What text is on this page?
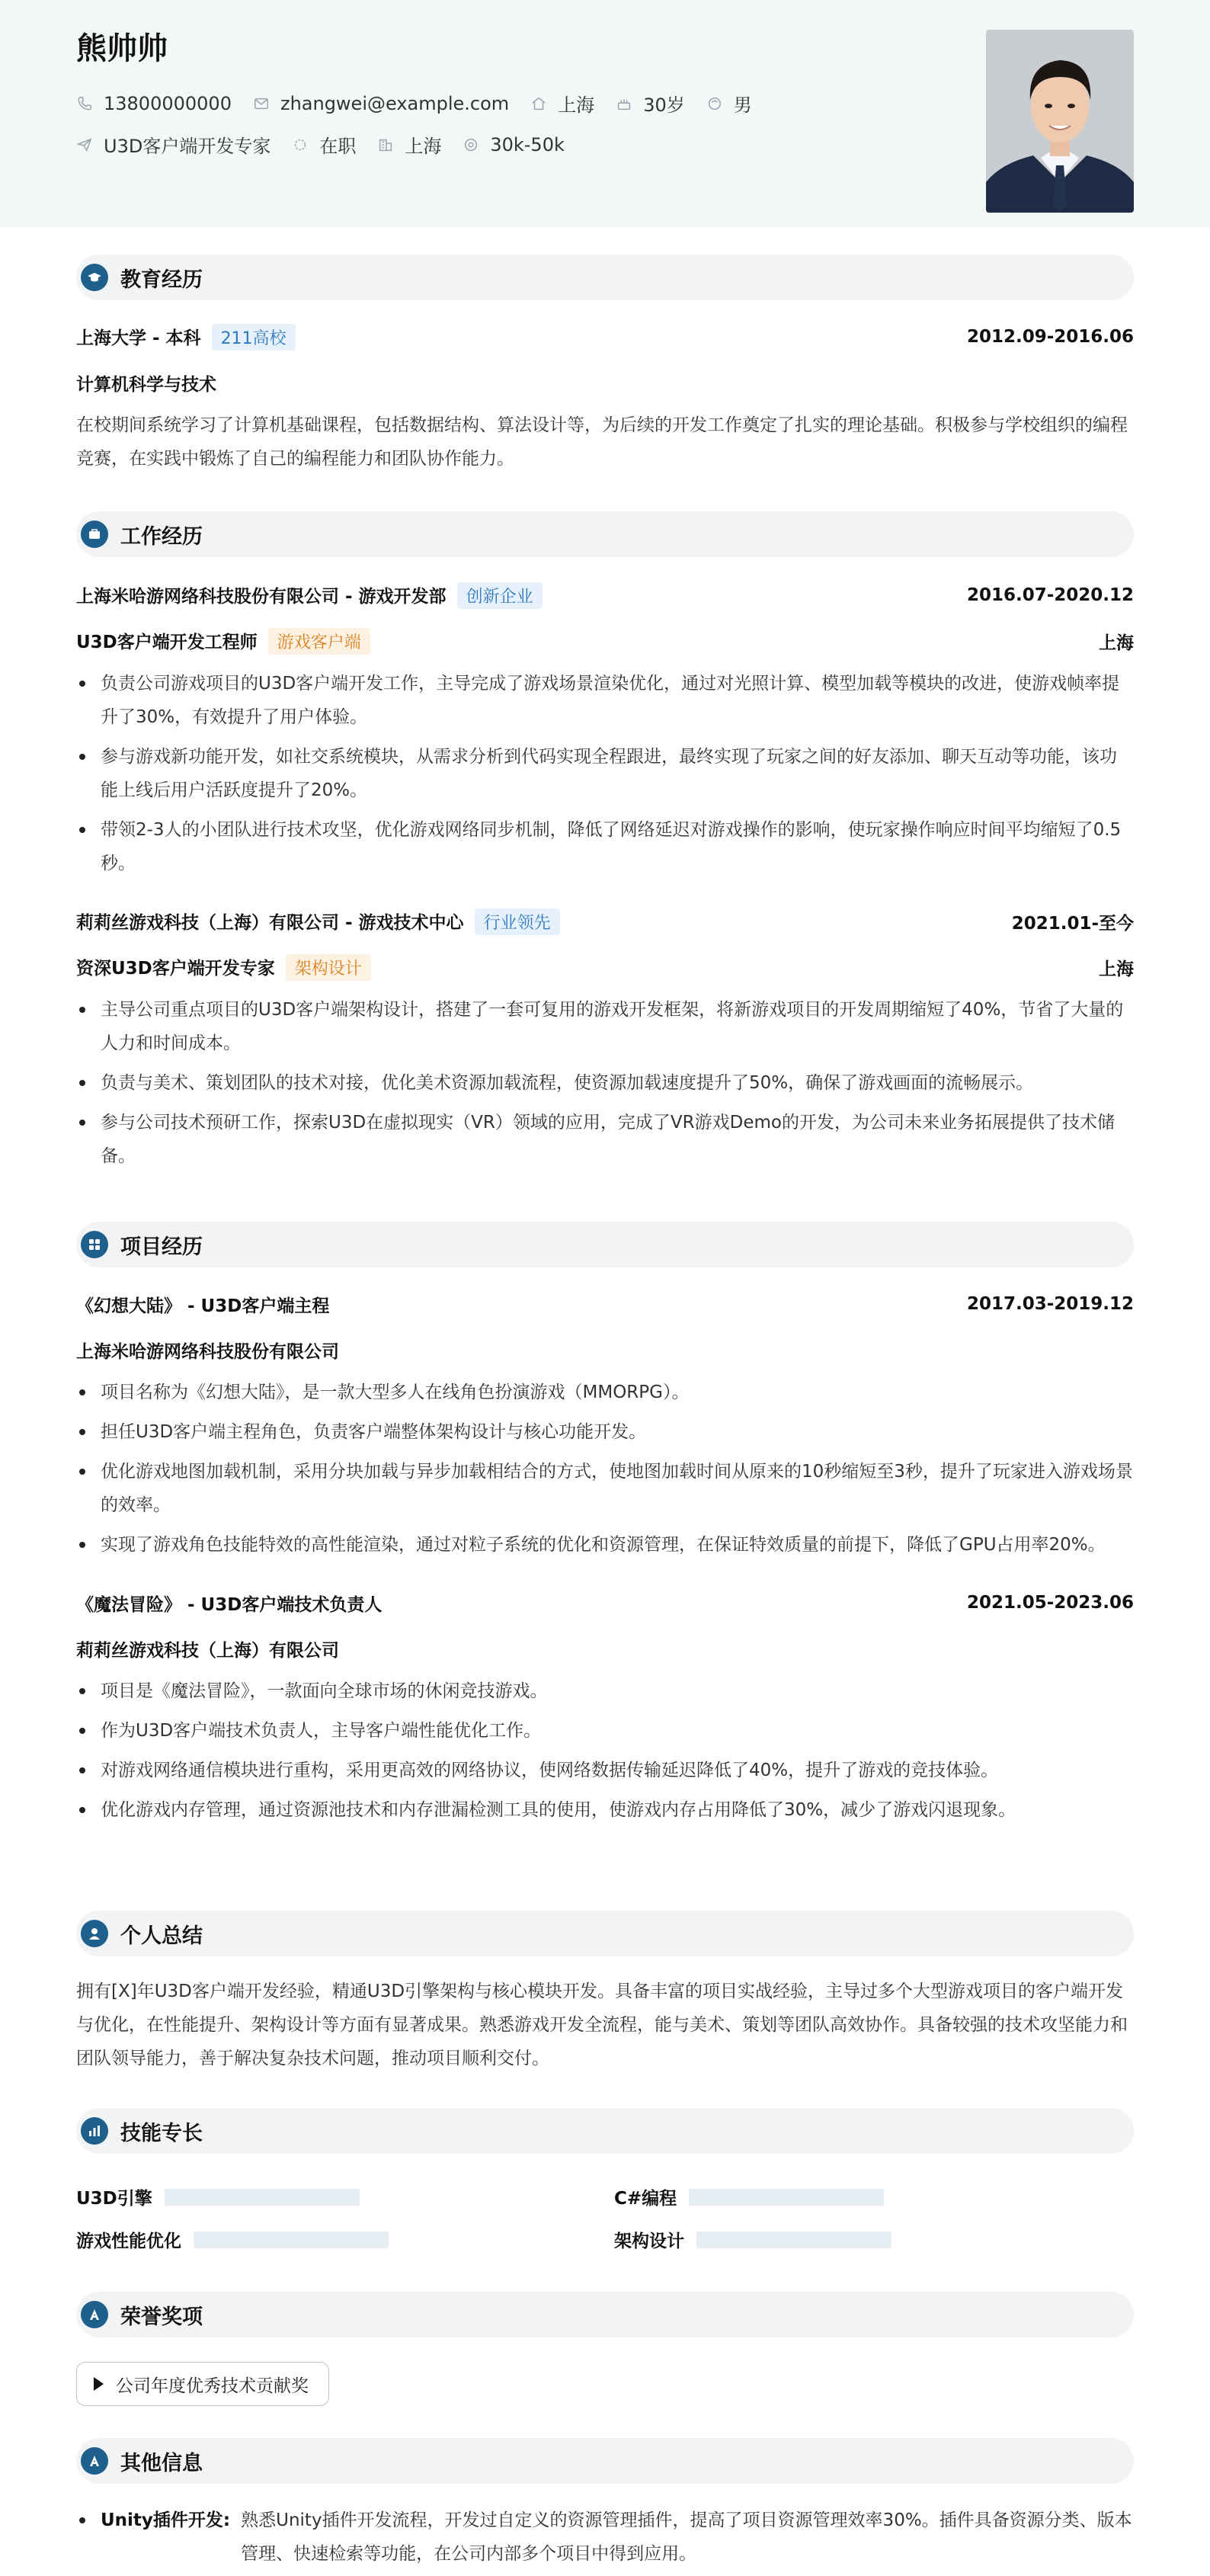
熊帅帅
13800000000	zhangwei@example.com	上海	30岁	男
U3D客户端开发专家	在职	上海	30k-50k
教育经历
上海大学 - 本科 211高校	2012.09-2016.06
计算机科学与技术
在校期间系统学习了计算机基础课程，包括数据结构、算法设计等，为后续的开发工作奠定了扎实的理论基础。积极参与学校组织的编程竞赛，在实践中锻炼了自己的编程能力和团队协作能力。
工作经历
上海米哈游网络科技股份有限公司 - 游戏开发部 创新企业	2016.07-2020.12
U3D客户端开发工程师 游戏客户端	上海
负责公司游戏项目的U3D客户端开发工作，主导完成了游戏场景渲染优化，通过对光照计算、模型加载等模块的改进，使游戏帧率提升了30%，有效提升了用户体验。
参与游戏新功能开发，如社交系统模块，从需求分析到代码实现全程跟进，最终实现了玩家之间的好友添加、聊天互动等功能，该功能上线后用户活跃度提升了20%。
带领2-3人的小团队进行技术攻坚，优化游戏网络同步机制，降低了网络延迟对游戏操作的影响，使玩家操作响应时间平均缩短了0.5秒。
莉莉丝游戏科技（上海）有限公司 - 游戏技术中心 行业领先	2021.01-至今
资深U3D客户端开发专家 架构设计	上海
主导公司重点项目的U3D客户端架构设计，搭建了一套可复用的游戏开发框架，将新游戏项目的开发周期缩短了40%，节省了大量的人力和时间成本。
负责与美术、策划团队的技术对接，优化美术资源加载流程，使资源加载速度提升了50%，确保了游戏画面的流畅展示。
参与公司技术预研工作，探索U3D在虚拟现实（VR）领域的应用，完成了VR游戏Demo的开发，为公司未来业务拓展提供了技术储备。
项目经历
《幻想大陆》 - U3D客户端主程	2017.03-2019.12
上海米哈游网络科技股份有限公司
项目名称为《幻想大陆》，是一款大型多人在线角色扮演游戏（MMORPG）。
担任U3D客户端主程角色，负责客户端整体架构设计与核心功能开发。
优化游戏地图加载机制，采用分块加载与异步加载相结合的方式，使地图加载时间从原来的10秒缩短至3秒，提升了玩家进入游戏场景的效率。
实现了游戏角色技能特效的高性能渲染，通过对粒子系统的优化和资源管理，在保证特效质量的前提下，降低了GPU占用率20%。
《魔法冒险》 - U3D客户端技术负责人	2021.05-2023.06
莉莉丝游戏科技（上海）有限公司
项目是《魔法冒险》，一款面向全球市场的休闲竞技游戏。
作为U3D客户端技术负责人，主导客户端性能优化工作。
对游戏网络通信模块进行重构，采用更高效的网络协议，使网络数据传输延迟降低了40%，提升了游戏的竞技体验。
优化游戏内存管理，通过资源池技术和内存泄漏检测工具的使用，使游戏内存占用降低了30%，减少了游戏闪退现象。
个人总结
拥有[X]年U3D客户端开发经验，精通U3D引擎架构与核心模块开发。具备丰富的项目实战经验，主导过多个大型游戏项目的客户端开发与优化，在性能提升、架构设计等方面有显著成果。熟悉游戏开发全流程，能与美术、策划等团队高效协作。具备较强的技术攻坚能力和团队领导能力，善于解决复杂技术问题，推动项目顺利交付。
技能专长
U3D引擎	C#编程
游戏性能优化	架构设计
荣誉奖项
公司年度优秀技术贡献奖
其他信息
Unity插件开发: 熟悉Unity插件开发流程，开发过自定义的资源管理插件，提高了项目资源管理效率30%。插件具备资源分类、版本管理、快速检索等功能，在公司内部多个项目中得到应用。
